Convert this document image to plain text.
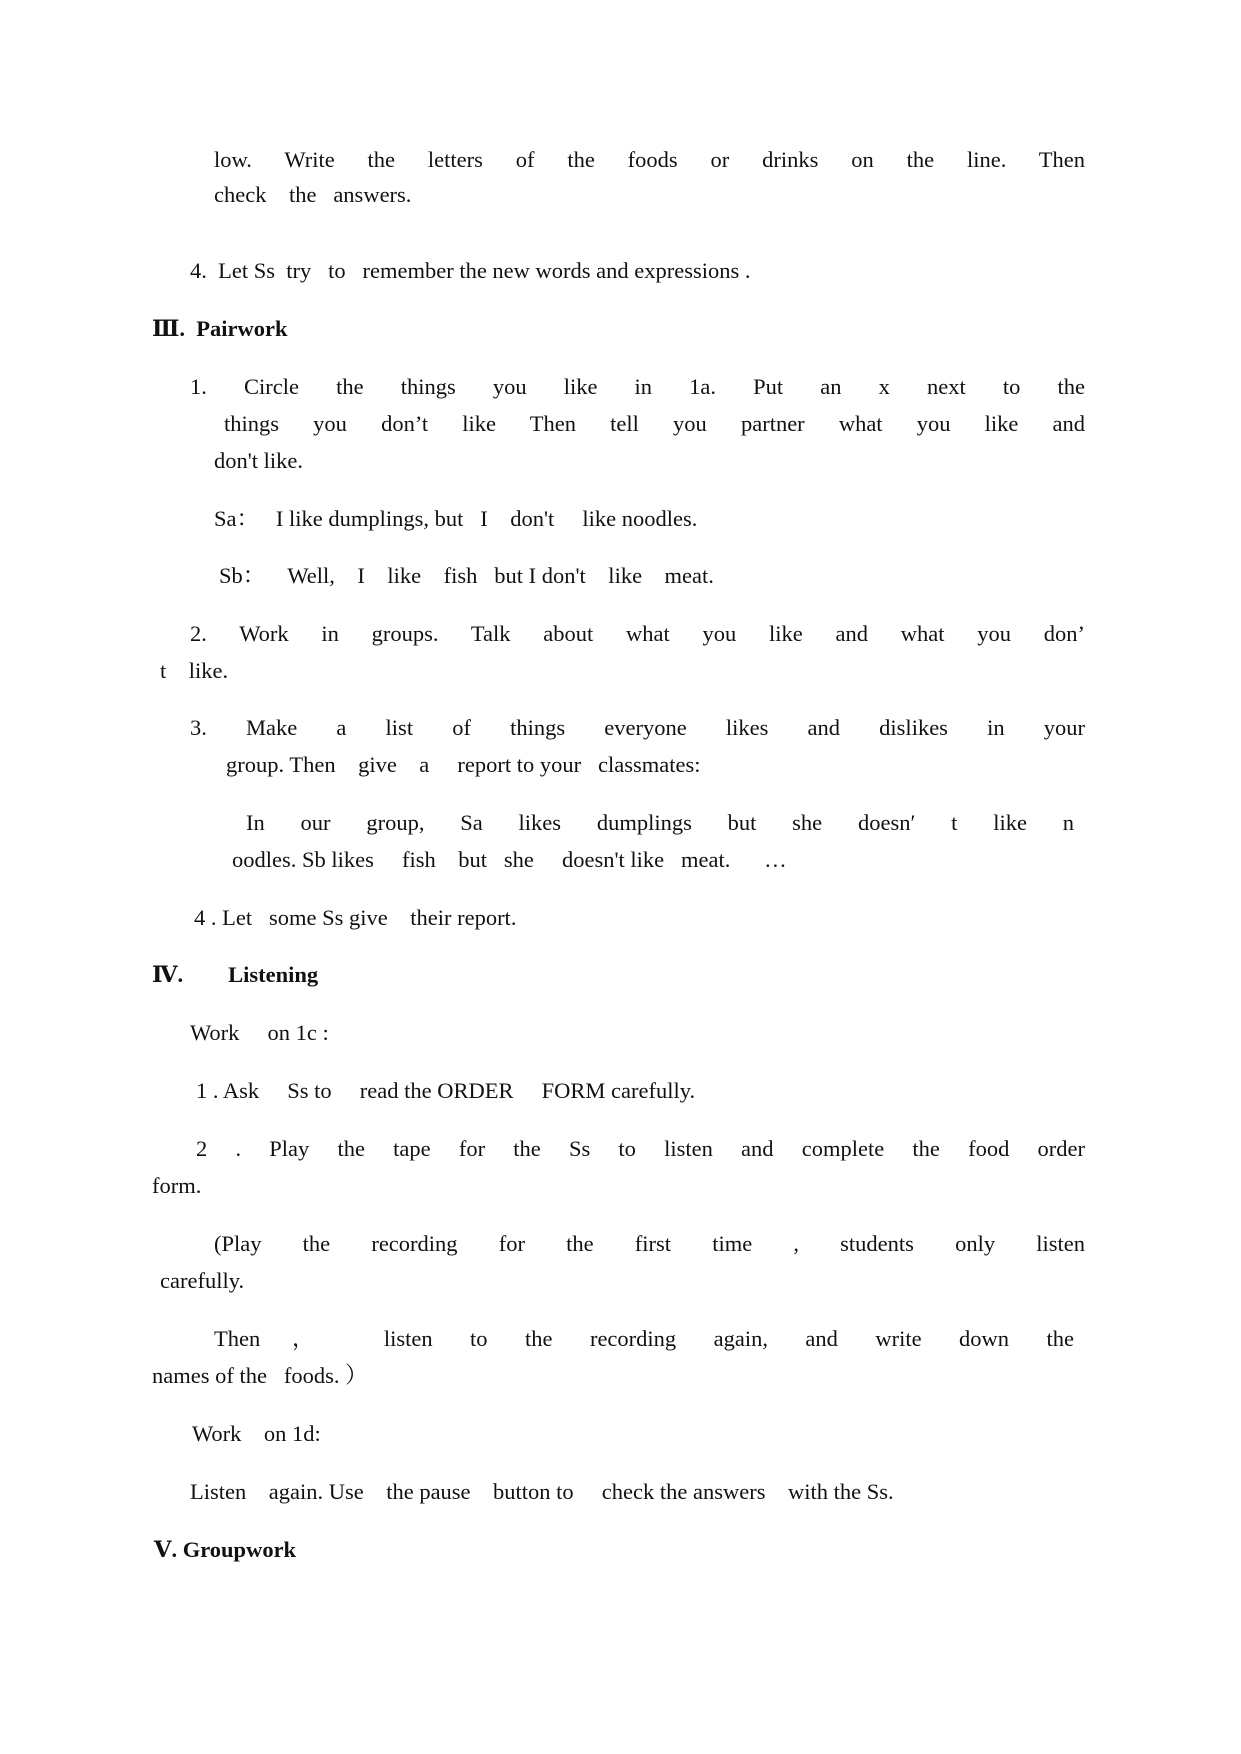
low. Write the letters of the foods or drinks on the line. Then

check    the   answers.

4.  Let Ss  try   to   remember the new words and expressions .

Ⅲ.  Pairwork

1. Circle the things you like in 1a. Put an x next to the

things you don’t like Then tell you partner what you like and

don't like.

Sa：   I like dumplings, but   I    don't     like noodles.

Sb：    Well,    I    like    fish   but I don't    like    meat.

2. Work in groups. Talk about what you like and what you don’

t    like.

3. Make a list of things everyone likes and dislikes in your

group. Then    give    a     report to your   classmates:

In our group, Sa likes dumplings but she doesn′ t like n

oodles. Sb likes     fish    but   she     doesn't like   meat.      …

4 . Let   some Ss give    their report.

Ⅳ.        Listening

Work     on 1c :

1 . Ask     Ss to     read the ORDER     FORM carefully.

2 . Play the tape for the Ss to listen and complete the food order

form.

(Play the recording for the first time , students only listen

carefully.

Then， listen to the recording again, and write down the

names of the   foods. ）

Work    on 1d:

Listen    again. Use    the pause    button to     check the answers    with the Ss.

Ⅴ. Groupwork
